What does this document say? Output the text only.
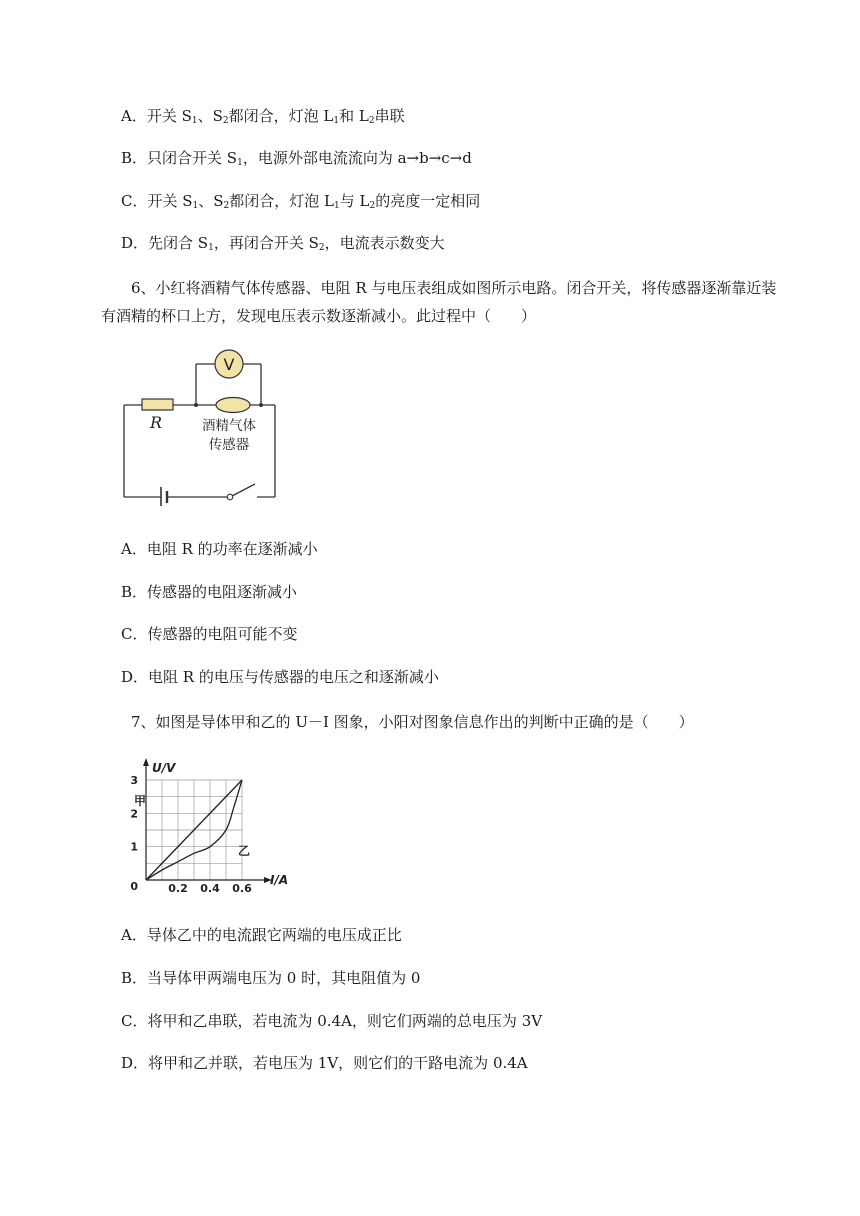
A．开关 $S_1$、$S_2$都闭合，灯泡 $L_1$和 $L_2$串联
B．只闭合开关 $S_1$，电源外部电流流向为 a→b→c→d
C．开关 $S_1$、$S_2$都闭合，灯泡 $L_1$与 $L_2$的亮度一定相同
D．先闭合 $S_1$，再闭合开关 $S_2$，电流表示数变大
6、小红将酒精气体传感器、电阻 R 与电压表组成如图所示电路。闭合开关，将传感器逐渐靠近装
有酒精的杯口上方，发现电压表示数逐渐减小。此过程中（　　）
V
R	酒精气体
传感器
A．电阻 R 的功率在逐渐减小
B．传感器的电阻逐渐减小
C．传感器的电阻可能不变
D．电阻 R 的电压与传感器的电压之和逐渐减小
7、如图是导体甲和乙的 U－I 图象，小阳对图象信息作出的判断中正确的是（　　）
0.2 0.4 0.6
1
2
3
0	I/A
U/V
甲
乙
A．导体乙中的电流跟它两端的电压成正比
B．当导体甲两端电压为 0 时，其电阻值为 0
C．将甲和乙串联，若电流为 0.4A，则它们两端的总电压为 3V
D．将甲和乙并联，若电压为 1V，则它们的干路电流为 0.4A
